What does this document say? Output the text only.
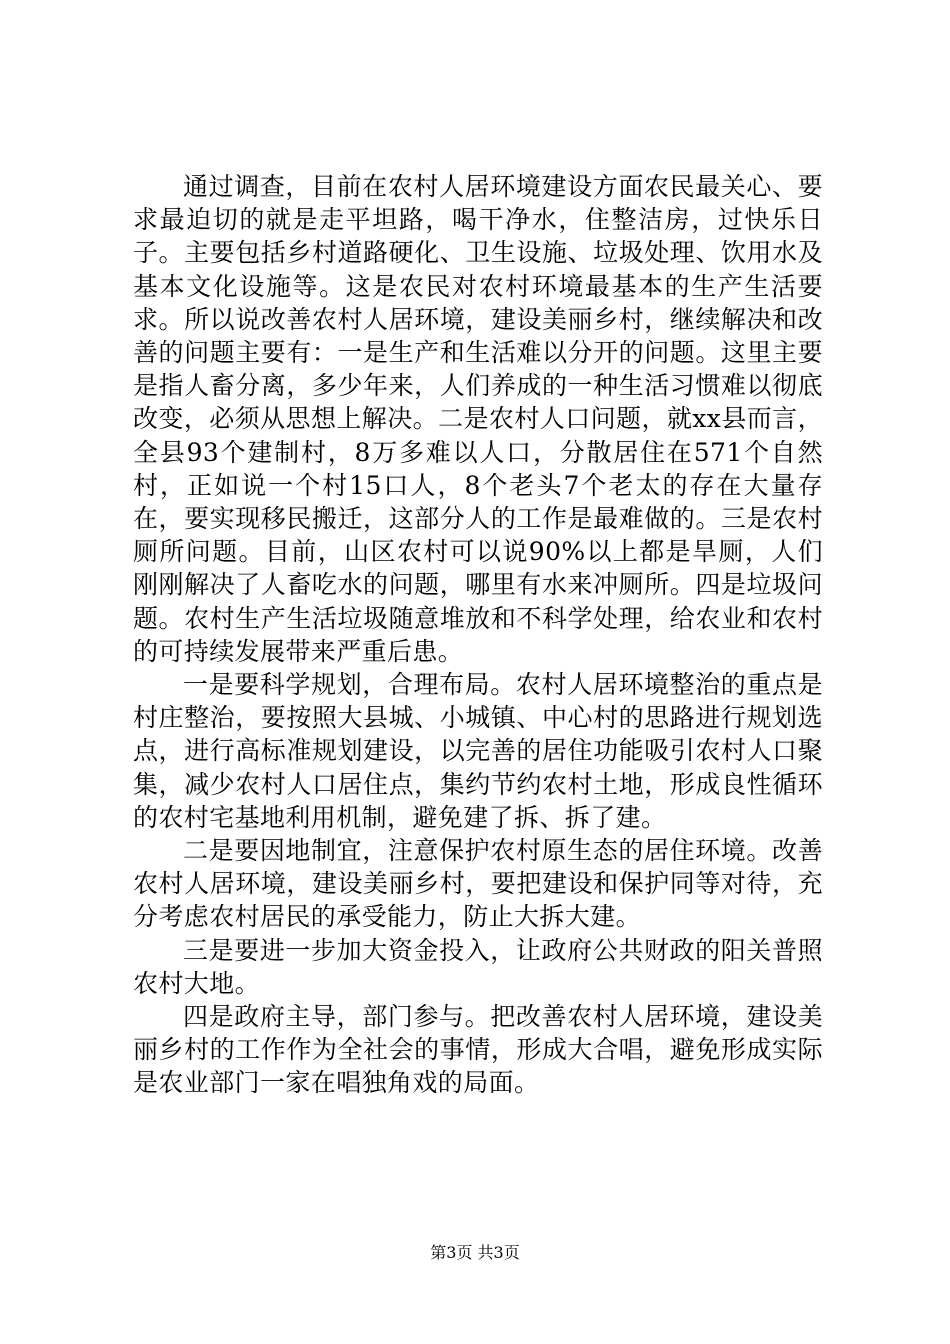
通过调查，目前在农村人居环境建设方面农民最关心、要求最迫切的就是走平坦路，喝干净水，住整洁房，过快乐日子。主要包括乡村道路硬化、卫生设施、垃圾处理、饮用水及基本文化设施等。这是农民对农村环境最基本的生产生活要求。所以说改善农村人居环境，建设美丽乡村，继续解决和改善的问题主要有：一是生产和生活难以分开的问题。这里主要是指人畜分离，多少年来，人们养成的一种生活习惯难以彻底改变，必须从思想上解决。二是农村人口问题，就xx县而言，全县93个建制村，8万多难以人口，分散居住在571个自然村，正如说一个村15口人，8个老头7个老太的存在大量存在，要实现移民搬迁，这部分人的工作是最难做的。三是农村厕所问题。目前，山区农村可以说90%以上都是旱厕，人们刚刚解决了人畜吃水的问题，哪里有水来冲厕所。四是垃圾问题。农村生产生活垃圾随意堆放和不科学处理，给农业和农村的可持续发展带来严重后患。

一是要科学规划，合理布局。农村人居环境整治的重点是村庄整治，要按照大县城、小城镇、中心村的思路进行规划选点，进行高标准规划建设，以完善的居住功能吸引农村人口聚集，减少农村人口居住点，集约节约农村土地，形成良性循环的农村宅基地利用机制，避免建了拆、拆了建。

二是要因地制宜，注意保护农村原生态的居住环境。改善农村人居环境，建设美丽乡村，要把建设和保护同等对待，充分考虑农村居民的承受能力，防止大拆大建。

三是要进一步加大资金投入，让政府公共财政的阳关普照农村大地。

四是政府主导，部门参与。把改善农村人居环境，建设美丽乡村的工作作为全社会的事情，形成大合唱，避免形成实际是农业部门一家在唱独角戏的局面。

第3页 共3页
